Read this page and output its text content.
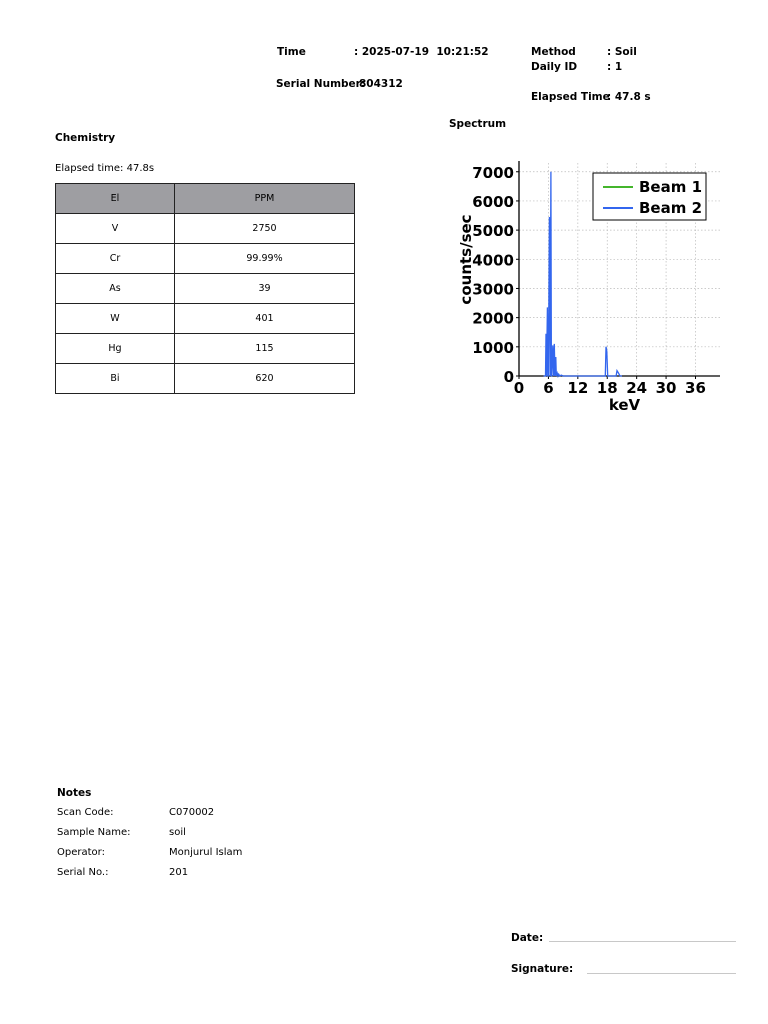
Time	: 2025-07-19  10:21:52
Serial Number:
804312
Method	: Soil
Daily ID	: 1
Elapsed Time
: 47.8 s
Chemistry
Elapsed time: 47.8s
El	PPM
V	2750
Cr	99.99%
As	39
W	401
Hg	115
Bi	620
Spectrum
0
1000
2000
3000
4000
5000
6000
7000
0 6 12 18 24 30 36
keV
counts/sec
Beam 1
Beam 2
Notes
Scan Code:	C070002
Sample Name:	soil
Operator:	Monjurul Islam
Serial No.:	201
Date:
Signature:
